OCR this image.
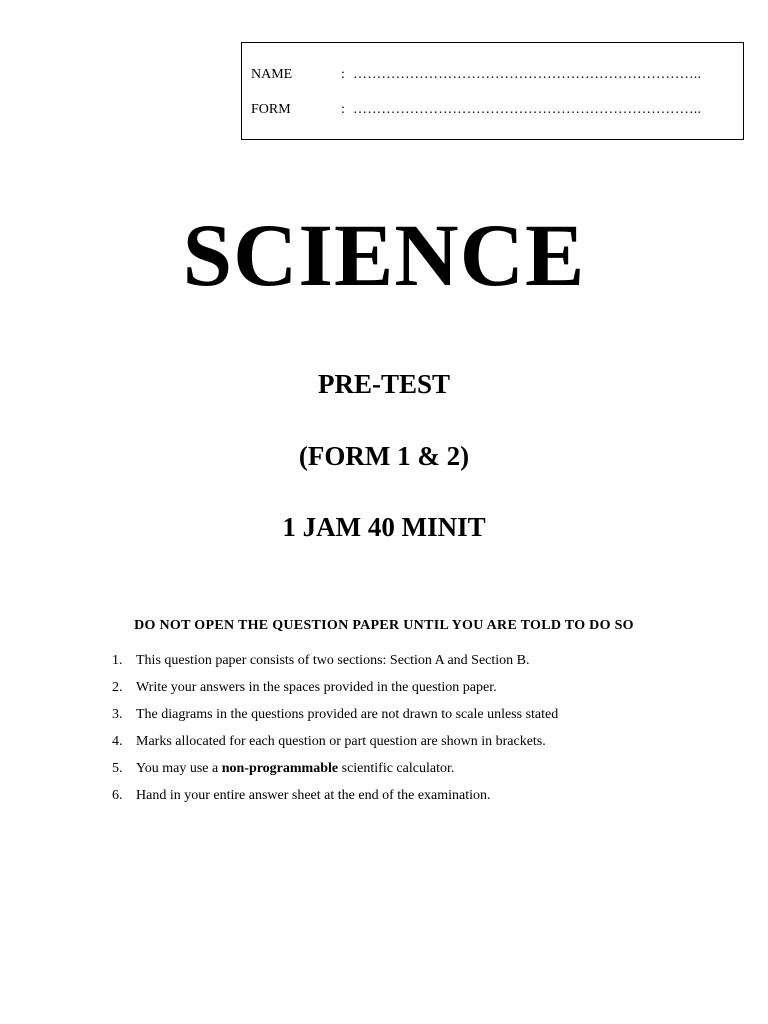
NAME	: ………………………………………………………………..
FORM	: ………………………………………………………………..
SCIENCE
PRE-TEST
(FORM 1 & 2)
1 JAM 40 MINIT
DO NOT OPEN THE QUESTION PAPER UNTIL YOU ARE TOLD TO DO SO
1. This question paper consists of two sections: Section A and Section B.
2. Write your answers in the spaces provided in the question paper.
3. The diagrams in the questions provided are not drawn to scale unless stated
4. Marks allocated for each question or part question are shown in brackets.
5. You may use a non-programmable scientific calculator.
6. Hand in your entire answer sheet at the end of the examination.
